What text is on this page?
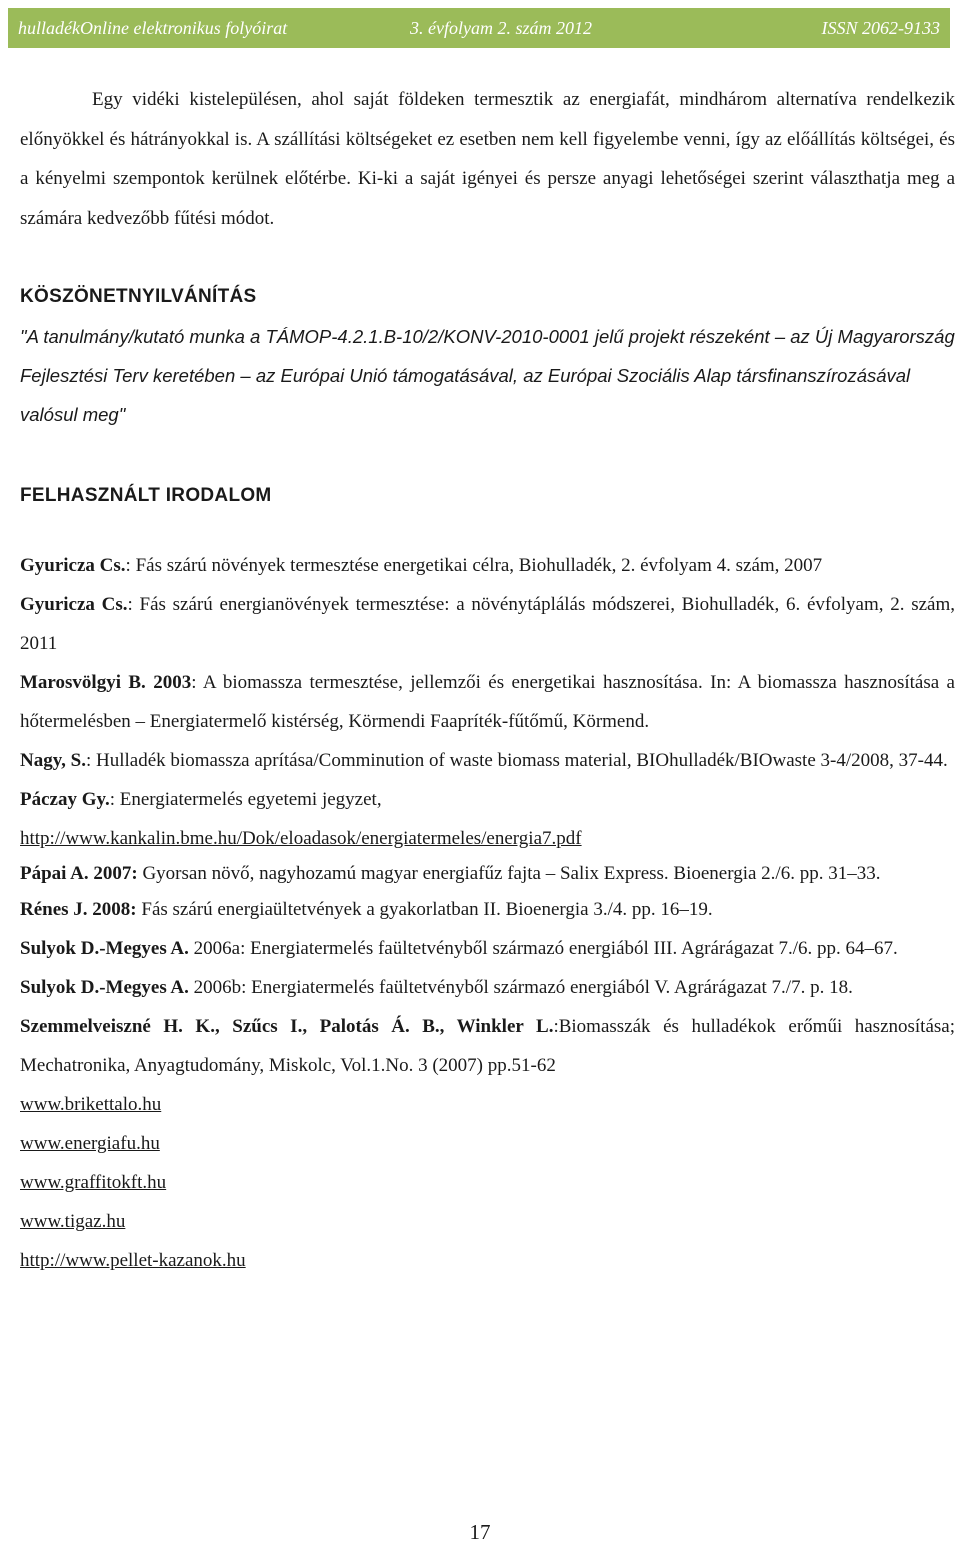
hulladékOnline elektronikus folyóirat	3. évfolyam 2. szám 2012	ISSN 2062-9133

Egy vidéki kistelepülésen, ahol saját földeken termesztik az energiafát, mindhárom alternatíva rendelkezik előnyökkel és hátrányokkal is. A szállítási költségeket ez esetben nem kell figyelembe venni, így az előállítás költségei, és a kényelmi szempontok kerülnek előtérbe. Ki-ki a saját igényei és persze anyagi lehetőségei szerint választhatja meg a számára kedvezőbb fűtési módot.

KÖSZÖNETNYILVÁNÍTÁS

"A tanulmány/kutató munka a TÁMOP-4.2.1.B-10/2/KONV-2010-0001 jelű projekt részeként – az Új Magyarország Fejlesztési Terv keretében – az Európai Unió támogatásával, az Európai Szociális Alap társfinanszírozásával valósul meg"

FELHASZNÁLT IRODALOM

Gyuricza Cs.: Fás szárú növények termesztése energetikai célra, Biohulladék, 2. évfolyam 4. szám, 2007

Gyuricza Cs.: Fás szárú energianövények termesztése: a növénytáplálás módszerei, Biohulladék, 6. évfolyam, 2. szám, 2011

Marosvölgyi B. 2003: A biomassza termesztése, jellemzői és energetikai hasznosítása. In: A biomassza hasznosítása a hőtermelésben – Energiatermelő kistérség, Körmendi Faapríték-fűtőmű, Körmend.

Nagy, S.: Hulladék biomassza aprítása/Comminution of waste biomass material, BIOhulladék/BIOwaste 3-4/2008, 37-44.

Páczay Gy.: Energiatermelés egyetemi jegyzet,

http://www.kankalin.bme.hu/Dok/eloadasok/energiatermeles/energia7.pdf

Pápai A. 2007: Gyorsan növő, nagyhozamú magyar energiafűz fajta – Salix Express. Bioenergia 2./6. pp. 31–33.

Rénes J. 2008: Fás szárú energiaültetvények a gyakorlatban II. Bioenergia 3./4. pp. 16–19.

Sulyok D.-Megyes A. 2006a: Energiatermelés faültetvényből származó energiából III. Agrárágazat 7./6. pp. 64–67.

Sulyok D.-Megyes A. 2006b: Energiatermelés faültetvényből származó energiából V. Agrárágazat 7./7. p. 18.

Szemmelveiszné H. K., Szűcs I., Palotás Á. B., Winkler L.:Biomasszák és hulladékok erőműi hasznosítása; Mechatronika, Anyagtudomány, Miskolc, Vol.1.No. 3 (2007) pp.51-62

www.brikettalo.hu

www.energiafu.hu

www.graffitokft.hu

www.tigaz.hu

http://www.pellet-kazanok.hu

17
